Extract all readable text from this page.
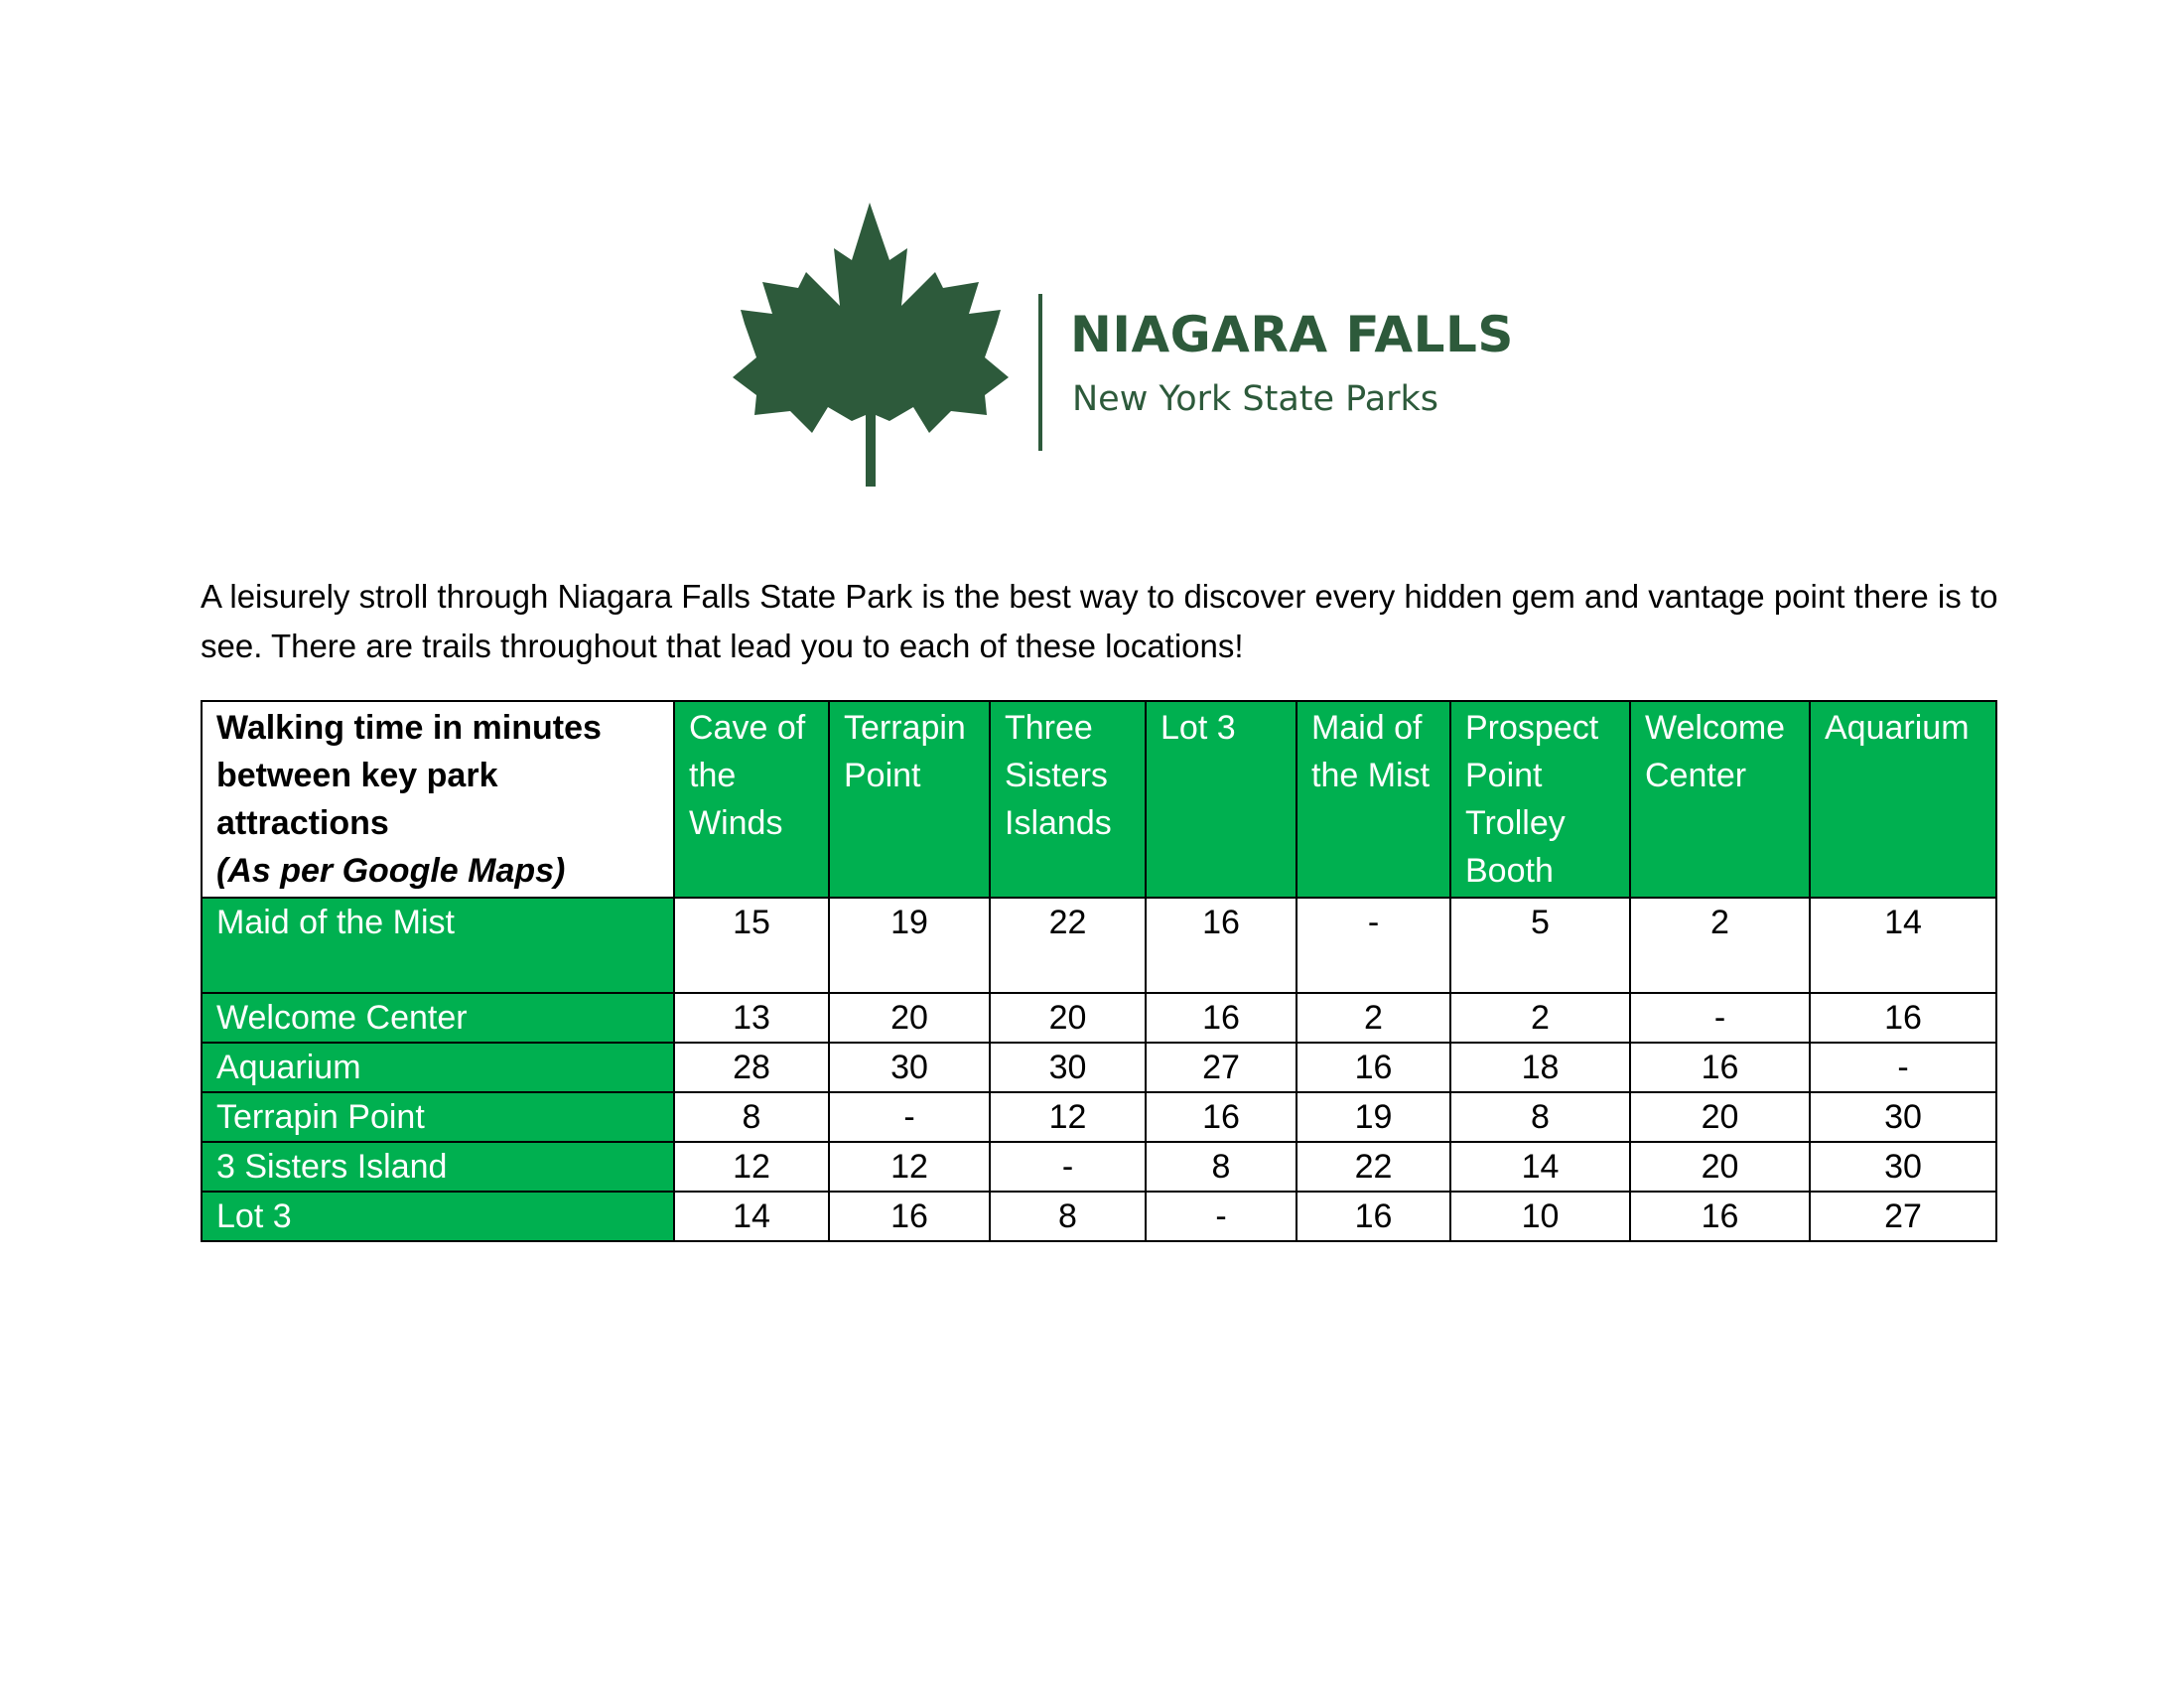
NIAGARA FALLS
New York State Parks

A leisurely stroll through Niagara Falls State Park is the best way to discover every hidden gem and vantage point there is to see. There are trails throughout that lead you to each of these locations!

Walking time in minutes between key park attractions
(As per Google Maps)	Cave of the Winds	Terrapin Point	Three Sisters Islands	Lot 3	Maid of the Mist	Prospect Point Trolley Booth	Welcome Center	Aquarium
Maid of the Mist	15	19	22	16	-	5	2	14
Welcome Center	13	20	20	16	2	2	-	16
Aquarium	28	30	30	27	16	18	16	-
Terrapin Point	8	-	12	16	19	8	20	30
3 Sisters Island	12	12	-	8	22	14	20	30
Lot 3	14	16	8	-	16	10	16	27
